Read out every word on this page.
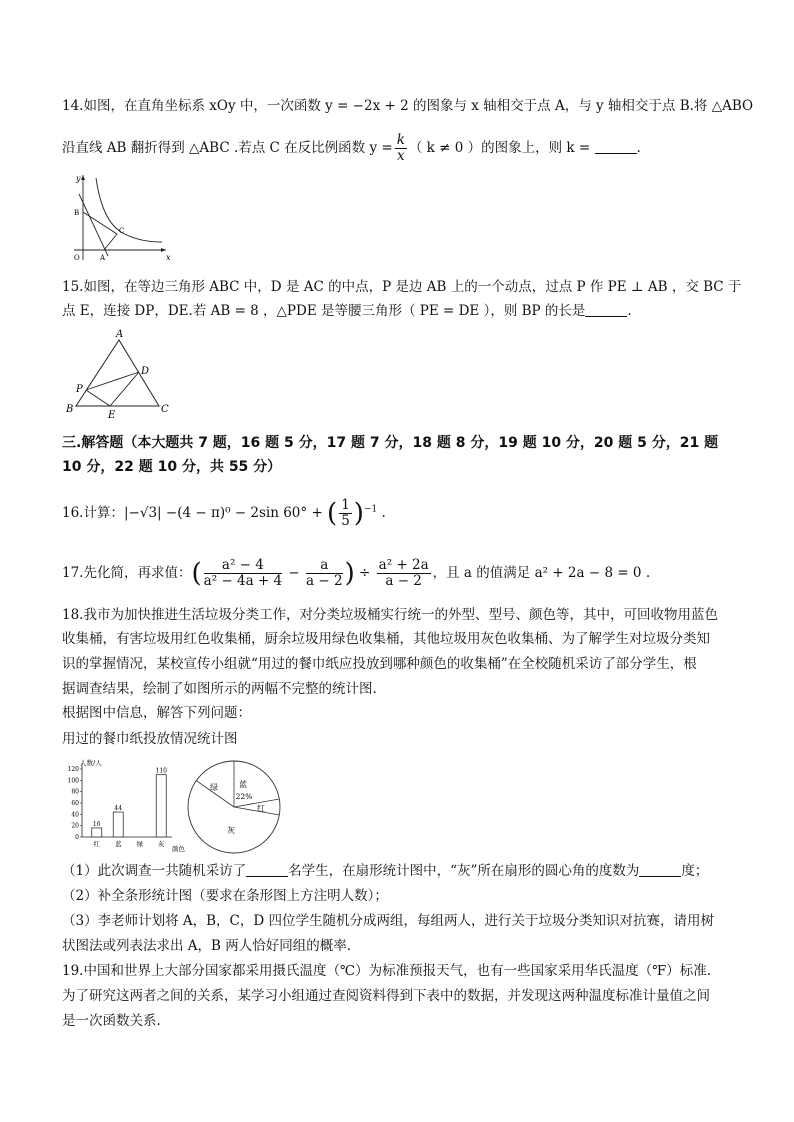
14.如图，在直角坐标系 xOy 中，一次函数 y = −2x + 2 的图象与 x 轴相交于点 A，与 y 轴相交于点 B.将 △ABO
沿直线 AB 翻折得到 △ABC .若点 C 在反比例函数 $y = \frac{k}{x}$ （ k ≠ 0 ）的图象上，则 k =	.
y
x
O	A
B
C
15.如图，在等边三角形 ABC 中，D 是 AC 的中点，P 是边 AB 上的一个动点，过点 P 作 PE ⊥ AB ，交 BC 于
点 E，连接 DP，DE.若 AB = 8 ，△PDE 是等腰三角形（ PE = DE ），则 BP 的长是	.
A
B	C
D
E
P
三.解答题（本大题共 7 题，16 题 5 分，17 题 7 分，18 题 8 分，19 题 10 分，20 题 5 分，21 题
10 分，22 题 10 分，共 55 分）
16.计算：|−√3| −(4 − π)⁰ − 2sin 60° + ( $\frac{1}{5} )^{-1}$ .
17.先化简，再求值：( $\frac{\text{a² − 4}}{\text{a² − 4a + 4}} - \frac{a}{a - 2}$ ) ÷ $\frac{\text{a² + 2a}}{a - 2}$ ，且 a 的值满足 a² + 2a − 8 = 0 .
18.我市为加快推进生活垃圾分类工作，对分类垃圾桶实行统一的外型、型号、颜色等，其中，可回收物用蓝色
收集桶，有害垃圾用红色收集桶，厨余垃圾用绿色收集桶，其他垃圾用灰色收集桶、为了解学生对垃圾分类知
识的掌握情况，某校宣传小组就“用过的餐巾纸应投放到哪种颜色的收集桶”在全校随机采访了部分学生，根
据调查结果，绘制了如图所示的两幅不完整的统计图.
根据图中信息，解答下列问题：
用过的餐巾纸投放情况统计图
人数/人
颜色
0
20
40
60
80
100
120
16
红
44
蓝 绿
110
灰
蓝
红
灰
绿
22%
（1）此次调查一共随机采访了	名学生，在扇形统计图中，“灰”所在扇形的圆心角的度数为	度；
（2）补全条形统计图（要求在条形图上方注明人数）；
（3）李老师计划将 A，B，C，D 四位学生随机分成两组，每组两人，进行关于垃圾分类知识对抗赛，请用树
状图法或列表法求出 A，B 两人恰好同组的概率.
19.中国和世界上大部分国家都采用摄氏温度（℃）为标准预报天气，也有一些国家采用华氏温度（℉）标准.
为了研究这两者之间的关系，某学习小组通过查阅资料得到下表中的数据，并发现这两种温度标准计量值之间
是一次函数关系.
